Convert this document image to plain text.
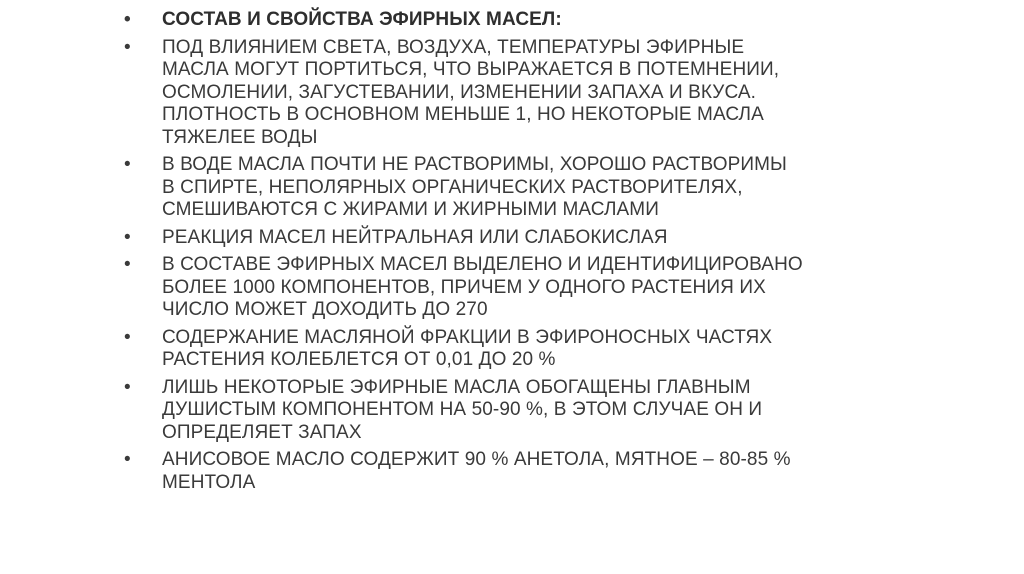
• СОСТАВ И СВОЙСТВА ЭФИРНЫХ МАСЕЛ:
• ПОД ВЛИЯНИЕМ СВЕТА, ВОЗДУХА, ТЕМПЕРАТУРЫ ЭФИРНЫЕ
МАСЛА МОГУТ ПОРТИТЬСЯ, ЧТО ВЫРАЖАЕТСЯ В ПОТЕМНЕНИИ,
ОСМОЛЕНИИ, ЗАГУСТЕВАНИИ, ИЗМЕНЕНИИ ЗАПАХА И ВКУСА.
ПЛОТНОСТЬ В ОСНОВНОМ МЕНЬШЕ 1, НО НЕКОТОРЫЕ МАСЛА
ТЯЖЕЛЕЕ ВОДЫ
• В ВОДЕ МАСЛА ПОЧТИ НЕ РАСТВОРИМЫ, ХОРОШО РАСТВОРИМЫ
В СПИРТЕ, НЕПОЛЯРНЫХ ОРГАНИЧЕСКИХ РАСТВОРИТЕЛЯХ,
СМЕШИВАЮТСЯ С ЖИРАМИ И ЖИРНЫМИ МАСЛАМИ
• РЕАКЦИЯ МАСЕЛ НЕЙТРАЛЬНАЯ ИЛИ СЛАБОКИСЛАЯ
• В СОСТАВЕ ЭФИРНЫХ МАСЕЛ ВЫДЕЛЕНО И ИДЕНТИФИЦИРОВАНО
БОЛЕЕ 1000 КОМПОНЕНТОВ, ПРИЧЕМ У ОДНОГО РАСТЕНИЯ ИХ
ЧИСЛО МОЖЕТ ДОХОДИТЬ ДО 270
• СОДЕРЖАНИЕ МАСЛЯНОЙ ФРАКЦИИ В ЭФИРОНОСНЫХ ЧАСТЯХ
РАСТЕНИЯ КОЛЕБЛЕТСЯ ОТ 0,01 ДО 20 %
• ЛИШЬ НЕКОТОРЫЕ ЭФИРНЫЕ МАСЛА ОБОГАЩЕНЫ ГЛАВНЫМ
ДУШИСТЫМ КОМПОНЕНТОМ НА 50-90 %, В ЭТОМ СЛУЧАЕ ОН И
ОПРЕДЕЛЯЕТ ЗАПАХ
• АНИСОВОЕ МАСЛО СОДЕРЖИТ 90 % АНЕТОЛА, МЯТНОЕ – 80-85 %
МЕНТОЛА
